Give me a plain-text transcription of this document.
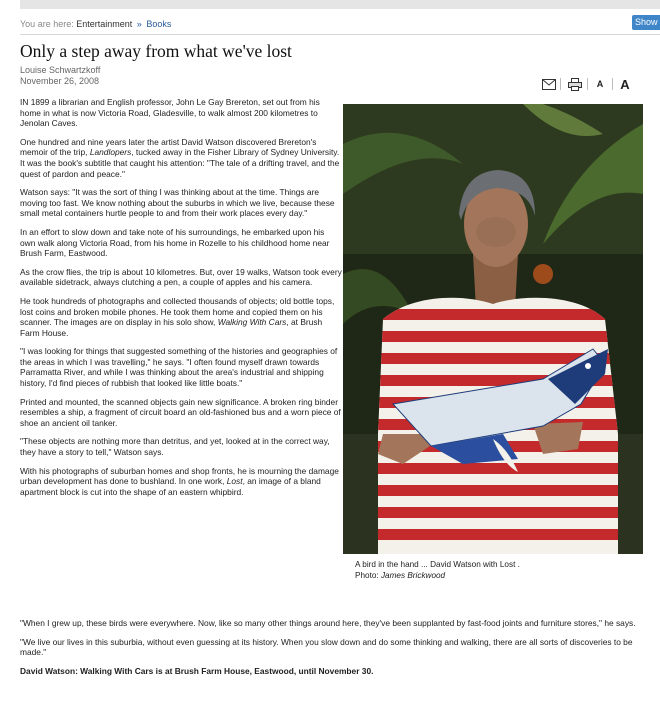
You are here: Entertainment » Books	Show
Only a step away from what we've lost
Louise Schwartzkoff
November 26, 2008	A	A

IN 1899 a librarian and English professor, John Le Gay Brereton, set out from his home in what is now Victoria Road, Gladesville, to walk almost 200 kilometres to Jenolan Caves.

One hundred and nine years later the artist David Watson discovered Brereton's memoir of the trip, Landlopers, tucked away in the Fisher Library of Sydney University. It was the book's subtitle that caught his attention: "The tale of a drifting travel, and the quest of pardon and peace."

Watson says: "It was the sort of thing I was thinking about at the time. Things are moving too fast. We know nothing about the suburbs in which we live, because these small metal containers hurtle people to and from their work places every day."

In an effort to slow down and take note of his surroundings, he embarked upon his own walk along Victoria Road, from his home in Rozelle to his childhood home near Brush Farm, Eastwood.

As the crow flies, the trip is about 10 kilometres. But, over 19 walks, Watson took every available sidetrack, always clutching a pen, a couple of apples and his camera.

He took hundreds of photographs and collected thousands of objects; old bottle tops, lost coins and broken mobile phones. He took them home and copied them on his scanner. The images are on display in his solo show, Walking With Cars, at Brush Farm House.

"I was looking for things that suggested something of the histories and geographies of the areas in which I was travelling," he says. "I often found myself drawn towards Parramatta River, and while I was thinking about the area's industrial and shipping history, I'd find pieces of rubbish that looked like little boats."

Printed and mounted, the scanned objects gain new significance. A broken ring binder resembles a ship, a fragment of circuit board an old-fashioned bus and a worn piece of shoe an ancient oil tanker.

"These objects are nothing more than detritus, and yet, looked at in the correct way, they have a story to tell," Watson says.

With his photographs of suburban homes and shop fronts, he is mourning the damage urban development has done to bushland. In one work, Lost, an image of a bland apartment block is cut into the shape of an eastern whipbird.

"When I grew up, these birds were everywhere. Now, like so many other things around here, they've been supplanted by fast-food joints and furniture stores," he says.

"We live our lives in this suburbia, without even guessing at its history. When you slow down and do some thinking and walking, there are all sorts of discoveries to be made."

David Watson: Walking With Cars is at Brush Farm House, Eastwood, until November 30.

A bird in the hand ... David Watson with Lost .
Photo: James Brickwood
